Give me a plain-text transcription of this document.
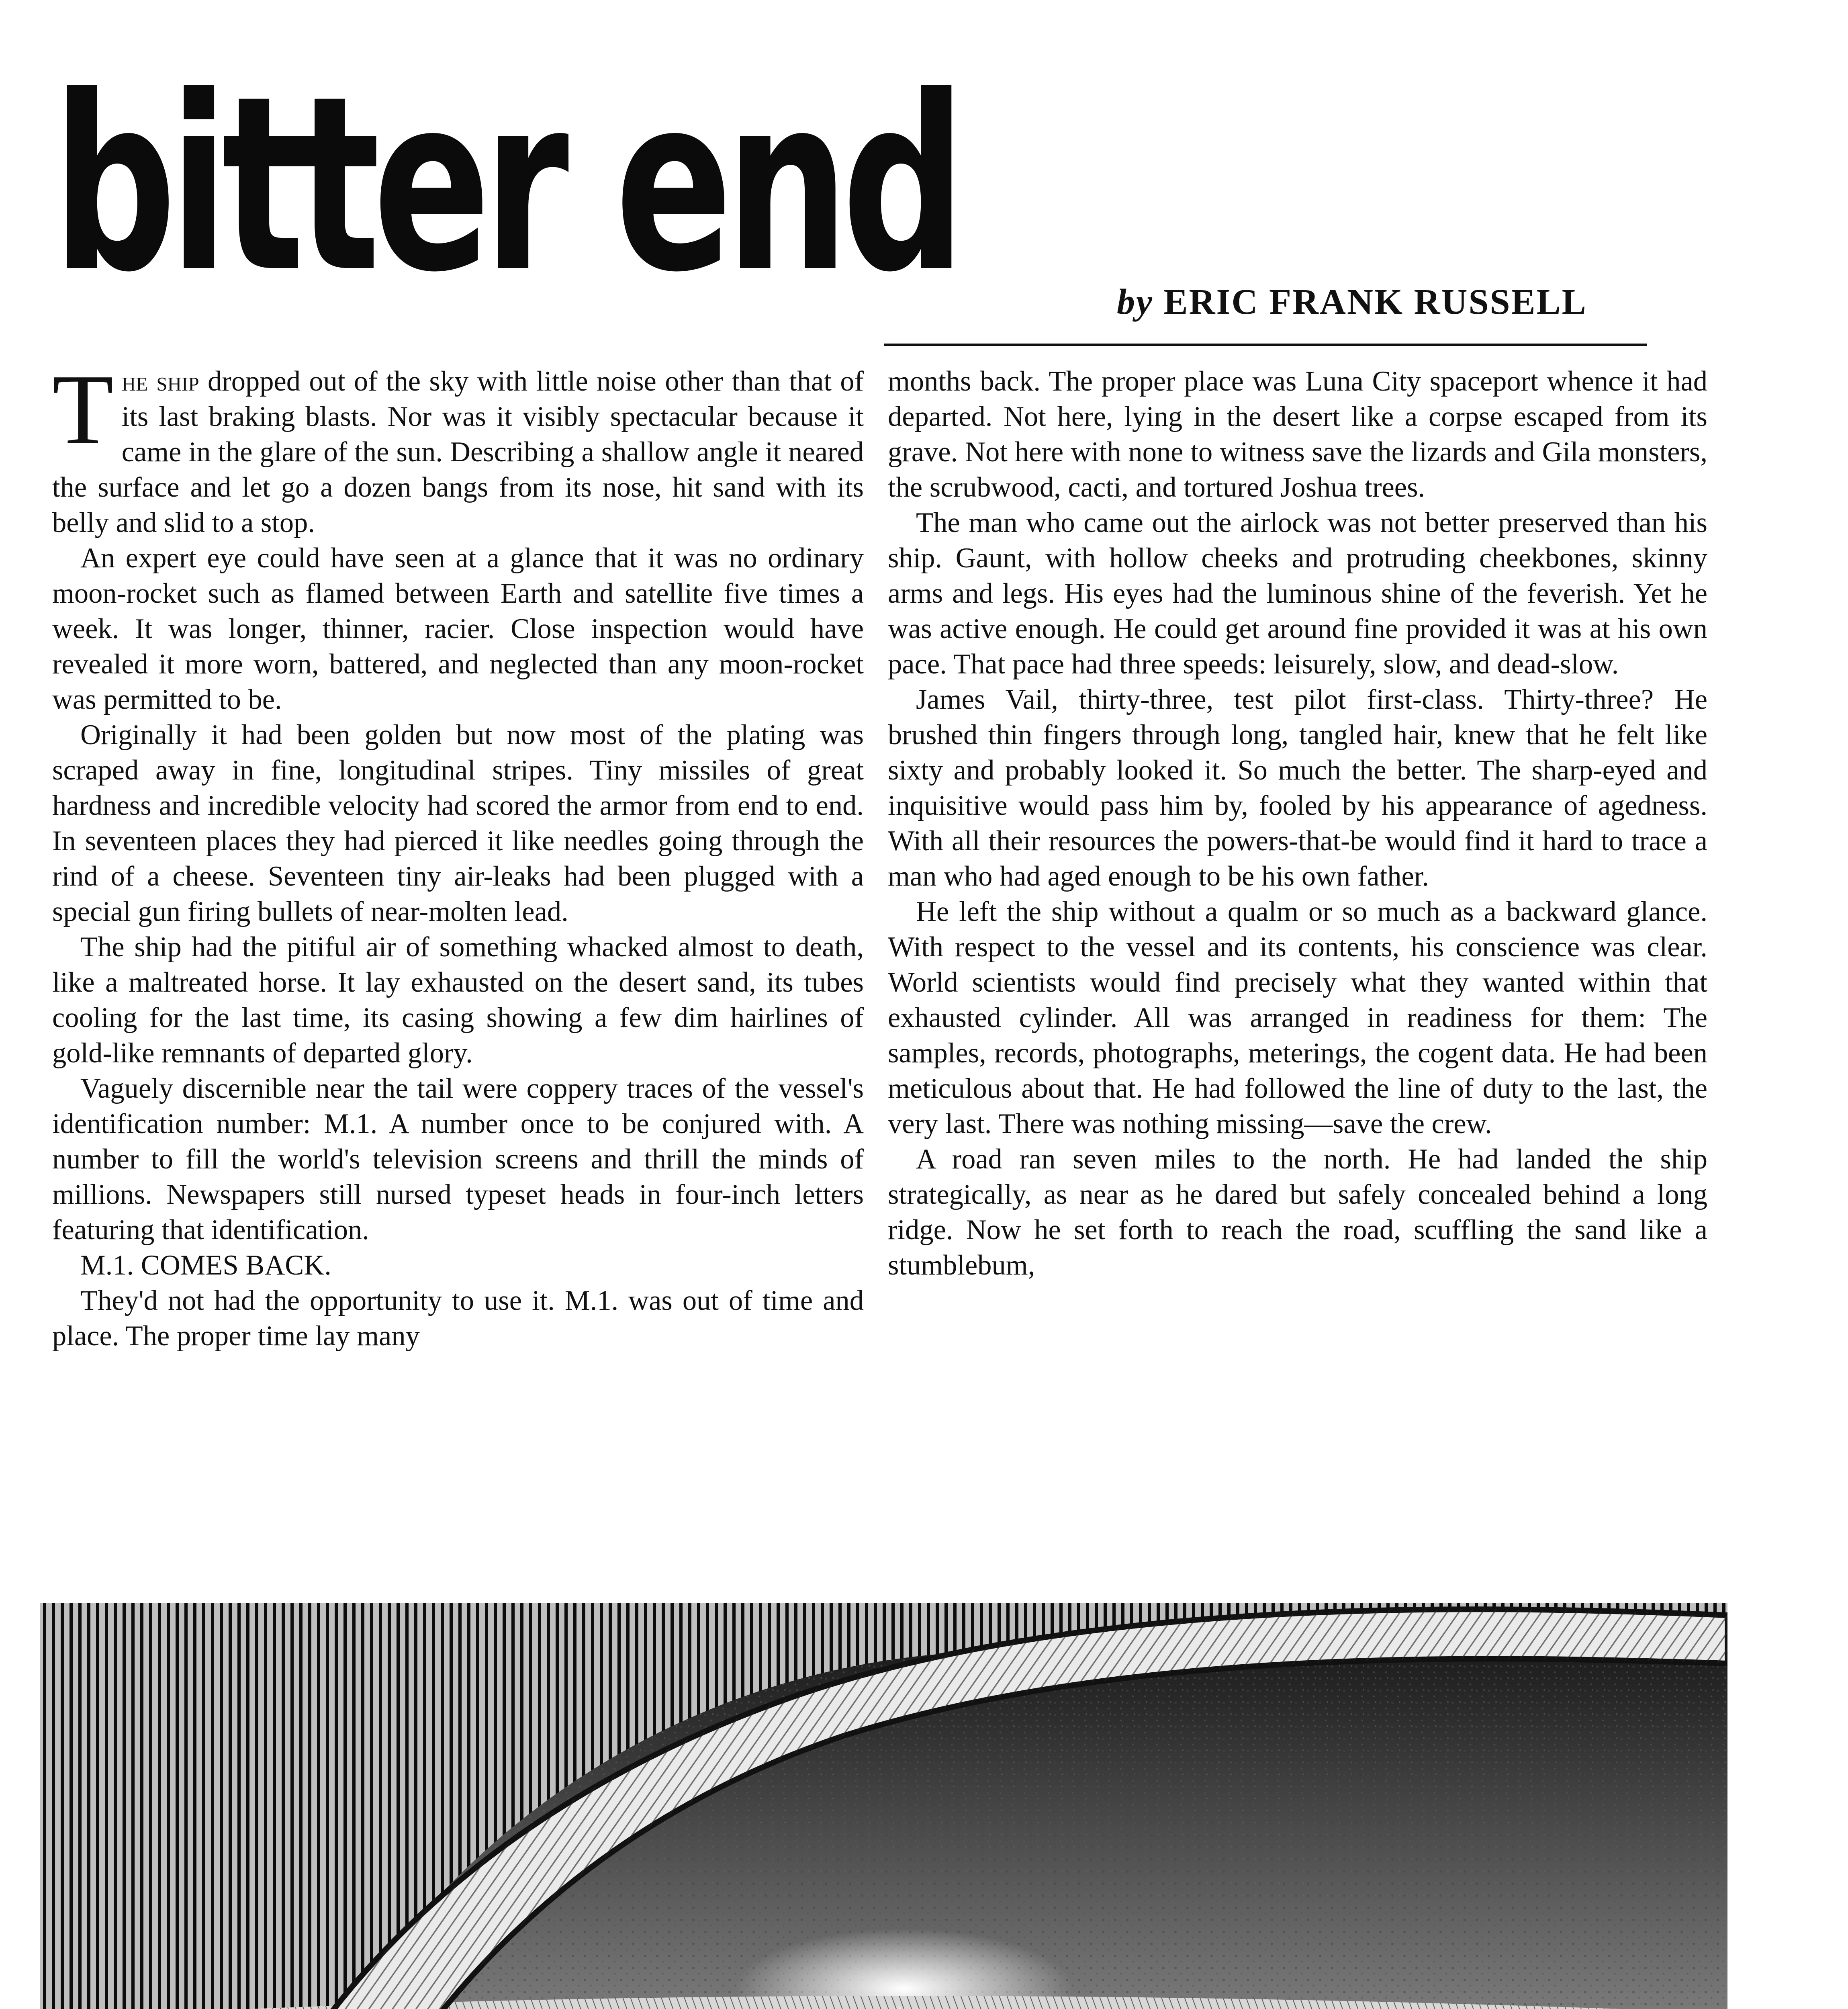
bitter end	by ERIC FRANK RUSSELL

The ship dropped out of the sky with little noise other than that of its last braking blasts. Nor was it visibly spectacular because it came in the glare of the sun. Describing a shallow angle it neared the surface and let go a dozen bangs from its nose, hit sand with its belly and slid to a stop.

An expert eye could have seen at a glance that it was no ordinary moon-rocket such as flamed between Earth and satellite five times a week. It was longer, thinner, racier. Close inspection would have revealed it more worn, battered, and neglected than any moon-rocket was permitted to be.

Originally it had been golden but now most of the plating was scraped away in fine, longitudinal stripes. Tiny missiles of great hardness and incredible velocity had scored the armor from end to end. In seventeen places they had pierced it like needles going through the rind of a cheese. Seventeen tiny air-leaks had been plugged with a special gun firing bullets of near-molten lead.

The ship had the pitiful air of something whacked almost to death, like a maltreated horse. It lay exhausted on the desert sand, its tubes cooling for the last time, its casing showing a few dim hairlines of gold-like remnants of departed glory.

Vaguely discernible near the tail were coppery traces of the vessel's identification number: M.1. A number once to be conjured with. A number to fill the world's television screens and thrill the minds of millions. Newspapers still nursed typeset heads in four-inch letters featuring that identification.

M.1. COMES BACK.

They'd not had the opportunity to use it. M.1. was out of time and place. The proper time lay many

months back. The proper place was Luna City spaceport whence it had departed. Not here, lying in the desert like a corpse escaped from its grave. Not here with none to witness save the lizards and Gila monsters, the scrubwood, cacti, and tortured Joshua trees.

The man who came out the airlock was not better preserved than his ship. Gaunt, with hollow cheeks and protruding cheekbones, skinny arms and legs. His eyes had the luminous shine of the feverish. Yet he was active enough. He could get around fine provided it was at his own pace. That pace had three speeds: leisurely, slow, and dead-slow.

James Vail, thirty-three, test pilot first-class. Thirty-three? He brushed thin fingers through long, tangled hair, knew that he felt like sixty and probably looked it. So much the better. The sharp-eyed and inquisitive would pass him by, fooled by his appearance of agedness. With all their resources the powers-that-be would find it hard to trace a man who had aged enough to be his own father.

He left the ship without a qualm or so much as a backward glance. With respect to the vessel and its contents, his conscience was clear. World scientists would find precisely what they wanted within that exhausted cylinder. All was arranged in readiness for them: The samples, records, photographs, meterings, the cogent data. He had been meticulous about that. He had followed the line of duty to the last, the very last. There was nothing missing—save the crew.

A road ran seven miles to the north. He had landed the ship strategically, as near as he dared but safely concealed behind a long ridge. Now he set forth to reach the road, scuffling the sand like a stumblebum,
